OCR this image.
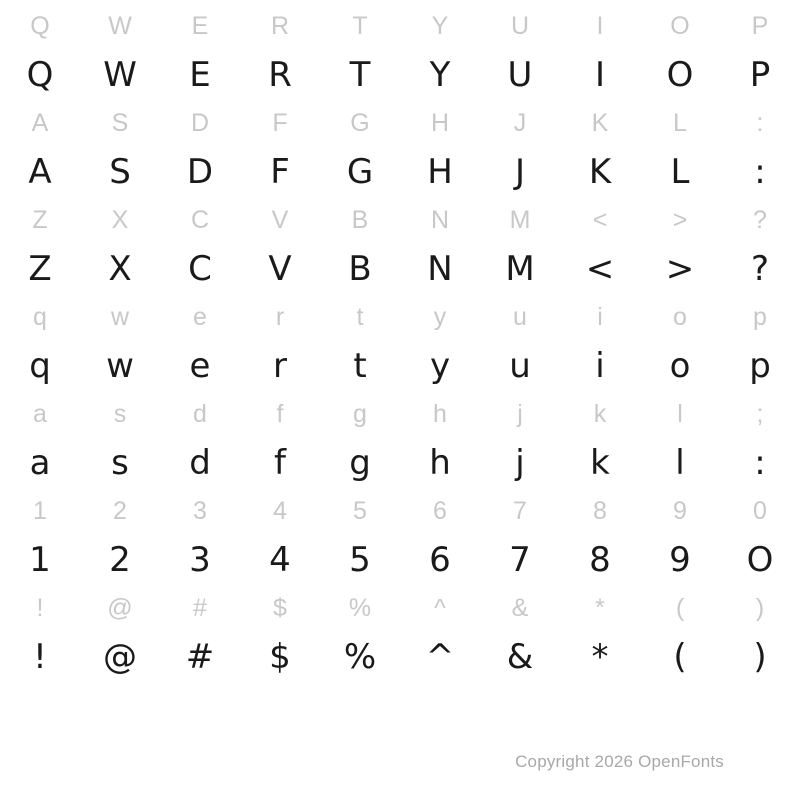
Q	W	E	R	T	Y	U	I	O	P
Q	W	E	R	T	Y	U	I	O	P
A	S	D	F	G	H	J	K	L	:
A	S	D	F	G	H	J	K	L	:
Z	X	C	V	B	N	M	<	>	?
Z	X	C	V	B	N	M	<	>	?
q	w	e	r	t	y	u	i	o	p
q	w	e	r	t	y	u	i	o	p
a	s	d	f	g	h	j	k	l	;
a	s	d	f	g	h	j	k	l	:
1	2	3	4	5	6	7	8	9	0
1	2	3	4	5	6	7	8	9	O
!	@	#	$	%	^	&	*	(	)
!	@	#	$	%	^	&	*	(	)
Copyright 2026 OpenFonts
